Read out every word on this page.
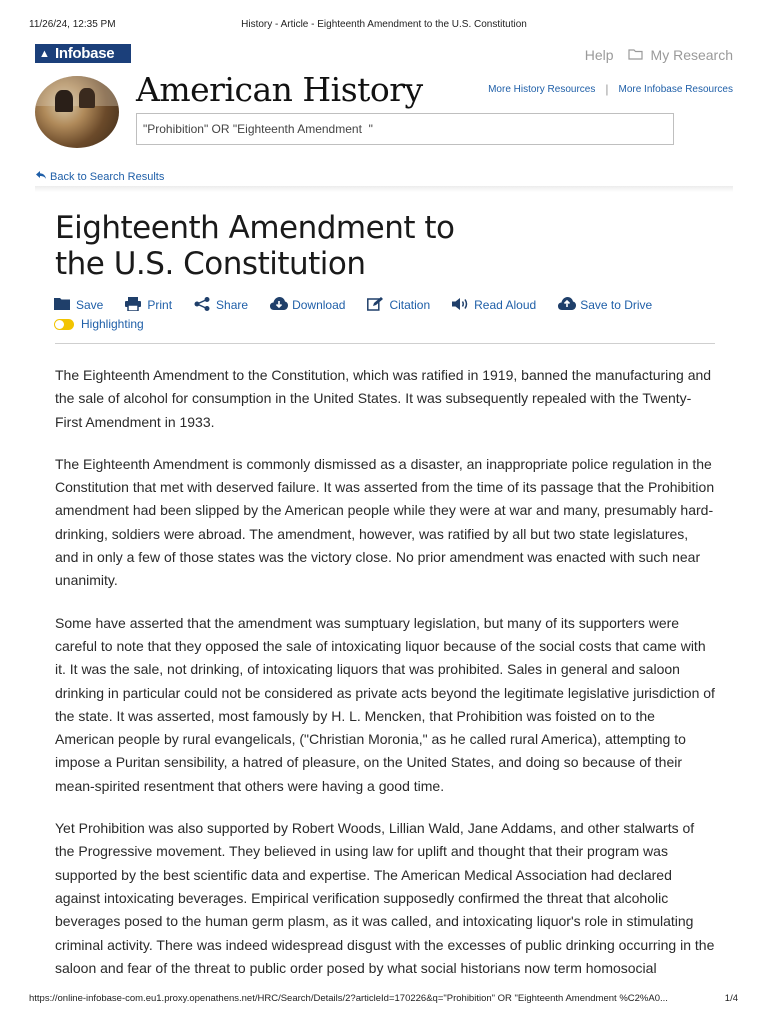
11/26/24, 12:35 PM	History - Article - Eighteenth Amendment to the U.S. Constitution
▲ Infobase	Help	My Research
American History	More History Resources | More Infobase Resources
"Prohibition" OR "Eighteenth Amendment "
Back to Search Results
Eighteenth Amendment to the U.S. Constitution
Save	Print	Share	Download	Citation	Read Aloud	Save to Drive
Highlighting

The Eighteenth Amendment to the Constitution, which was ratified in 1919, banned the manufacturing and the sale of alcohol for consumption in the United States. It was subsequently repealed with the Twenty-First Amendment in 1933.

The Eighteenth Amendment is commonly dismissed as a disaster, an inappropriate police regulation in the Constitution that met with deserved failure. It was asserted from the time of its passage that the Prohibition amendment had been slipped by the American people while they were at war and many, presumably hard-drinking, soldiers were abroad. The amendment, however, was ratified by all but two state legislatures, and in only a few of those states was the victory close. No prior amendment was enacted with such near unanimity.

Some have asserted that the amendment was sumptuary legislation, but many of its supporters were careful to note that they opposed the sale of intoxicating liquor because of the social costs that came with it. It was the sale, not drinking, of intoxicating liquors that was prohibited. Sales in general and saloon drinking in particular could not be considered as private acts beyond the legitimate legislative jurisdiction of the state. It was asserted, most famously by H. L. Mencken, that Prohibition was foisted on to the American people by rural evangelicals, ("Christian Moronia," as he called rural America), attempting to impose a Puritan sensibility, a hatred of pleasure, on the United States, and doing so because of their mean-spirited resentment that others were having a good time.

Yet Prohibition was also supported by Robert Woods, Lillian Wald, Jane Addams, and other stalwarts of the Progressive movement. They believed in using law for uplift and thought that their program was supported by the best scientific data and expertise. The American Medical Association had declared against intoxicating beverages. Empirical verification supposedly confirmed the threat that alcoholic beverages posed to the human germ plasm, as it was called, and intoxicating liquor's role in stimulating criminal activity. There was indeed widespread disgust with the excesses of public drinking occurring in the saloon and fear of the threat to public order posed by what social historians now term homosocial

https://online-infobase-com.eu1.proxy.openathens.net/HRC/Search/Details/2?articleId=170226&q="Prohibition" OR "Eighteenth Amendment %C2%A0...	1/4
